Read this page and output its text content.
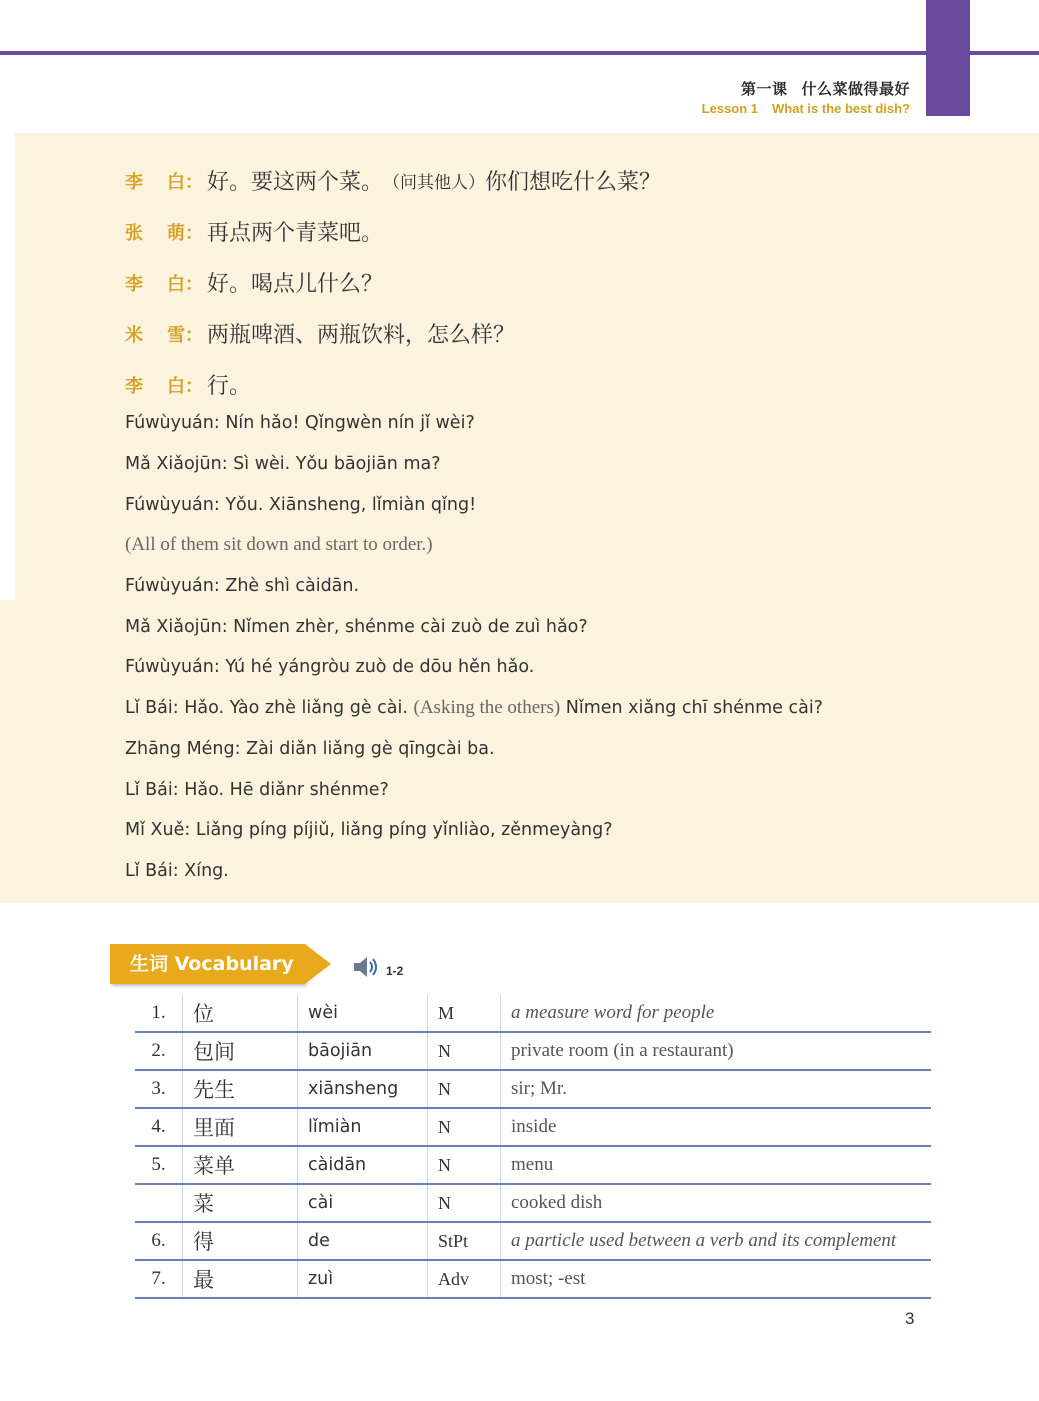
第一课 什么菜做得最好
Lesson 1 What is the best dish?
李 白： 好。要这两个菜。 （问其他人） 你们想吃什么菜？
张 萌： 再点两个青菜吧。
李 白： 好。喝点儿什么？
米 雪： 两瓶啤酒、两瓶饮料，怎么样？
李 白： 行。
Fúwùyuán: Nín hǎo! Qǐngwèn nín jǐ wèi?
Mǎ Xiǎojūn: Sì wèi. Yǒu bāojiān ma?
Fúwùyuán: Yǒu. Xiānsheng, lǐmiàn qǐng!
(All of them sit down and start to order.)
Fúwùyuán: Zhè shì càidān.
Mǎ Xiǎojūn: Nǐmen zhèr, shénme cài zuò de zuì hǎo?
Fúwùyuán: Yú hé yángròu zuò de dōu hěn hǎo.
Lǐ Bái: Hǎo. Yào zhè liǎng gè cài. (Asking the others) Nǐmen xiǎng chī shénme cài?
Zhāng Méng: Zài diǎn liǎng gè qīngcài ba.
Lǐ Bái: Hǎo. Hē diǎnr shénme?
Mǐ Xuě: Liǎng píng píjiǔ, liǎng píng yǐnliào, zěnmeyàng?
Lǐ Bái: Xíng.
生词 Vocabulary	1-2
1.	位	wèi	M	a measure word for people
2.	包间	bāojiān	N	private room (in a restaurant)
3.	先生	xiānsheng	N	sir; Mr.
4.	里面	lǐmiàn	N	inside
5.	菜单	càidān	N	menu
	菜	cài	N	cooked dish
6.	得	de	StPt	a particle used between a verb and its complement
7.	最	zuì	Adv	most; -est
3
